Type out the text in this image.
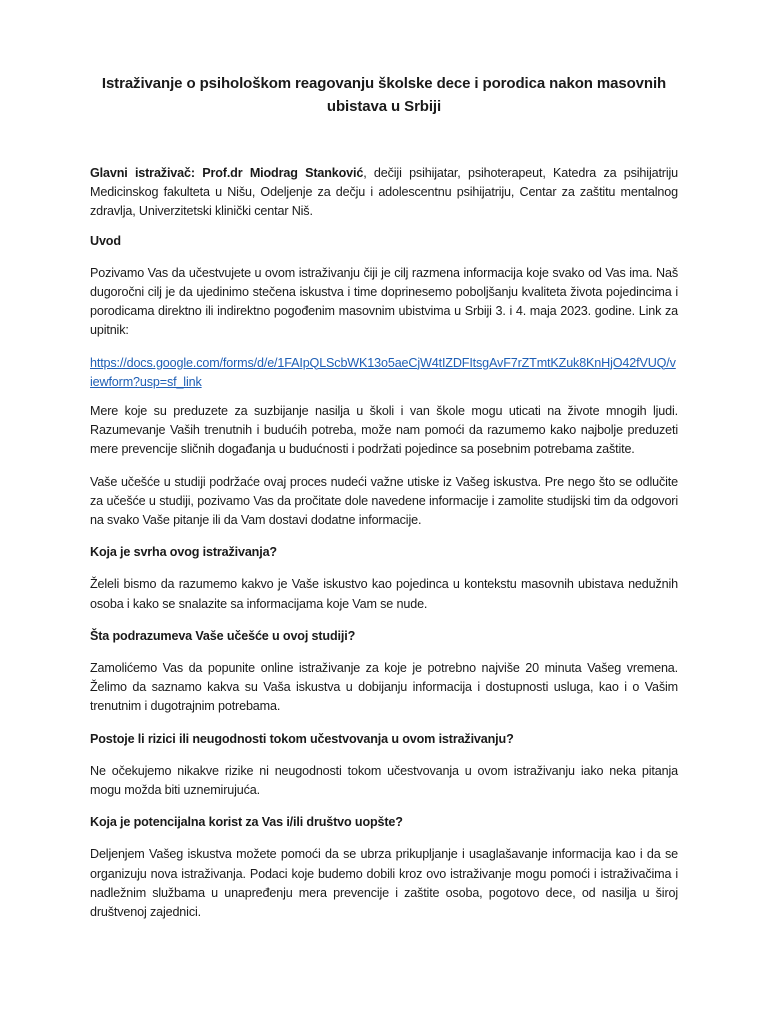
Istraživanje o psihološkom reagovanju školske dece i porodica nakon masovnih ubistava u Srbiji

Glavni istraživač: Prof.dr Miodrag Stanković, dečiji psihijatar, psihoterapeut, Katedra za psihijatriju Medicinskog fakulteta u Nišu, Odeljenje za dečju i adolescentnu psihijatriju, Centar za zaštitu mentalnog zdravlja, Univerzitetski klinički centar Niš.

Uvod

Pozivamo Vas da učestvujete u ovom istraživanju čiji je cilj razmena informacija koje svako od Vas ima. Naš dugoročni cilj je da ujedinimo stečena iskustva i time doprinesemo poboljšanju kvaliteta života pojedincima i porodicama direktno ili indirektno pogođenim masovnim ubistvima u Srbiji 3. i 4. maja 2023. godine. Link za upitnik:

https://docs.google.com/forms/d/e/1FAIpQLScbWK13o5aeCjW4tIZDFItsgAvF7rZTmtKZuk8KnHjO42fVUQ/viewform?usp=sf_link

Mere koje su preduzete za suzbijanje nasilja u školi i van škole mogu uticati na živote mnogih ljudi. Razumevanje Vaših trenutnih i budućih potreba, može nam pomoći da razumemo kako najbolje preduzeti mere prevencije sličnih događanja u budućnosti i podržati pojedince sa posebnim potrebama zaštite.

Vaše učešće u studiji podržaće ovaj proces nudeći važne utiske iz Vašeg iskustva. Pre nego što se odlučite za učešće u studiji, pozivamo Vas da pročitate dole navedene informacije i zamolite studijski tim da odgovori na svako Vaše pitanje ili da Vam dostavi dodatne informacije.

Koja je svrha ovog istraživanja?

Želeli bismo da razumemo kakvo je Vaše iskustvo kao pojedinca u kontekstu masovnih ubistava nedužnih osoba i kako se snalazite sa informacijama koje Vam se nude.

Šta podrazumeva Vaše učešće u ovoj studiji?

Zamolićemo Vas da popunite online istraživanje za koje je potrebno najviše 20 minuta Vašeg vremena. Želimo da saznamo kakva su Vaša iskustva u dobijanju informacija i dostupnosti usluga, kao i o Vašim trenutnim i dugotrajnim potrebama.

Postoje li rizici ili neugodnosti tokom učestvovanja u ovom istraživanju?

Ne očekujemo nikakve rizike ni neugodnosti tokom učestvovanja u ovom istraživanju iako neka pitanja mogu možda biti uznemirujuća.

Koja je potencijalna korist za Vas i/ili društvo uopšte?

Deljenjem Vašeg iskustva možete pomoći da se ubrza prikupljanje i usaglašavanje informacija kao i da se organizuju nova istraživanja. Podaci koje budemo dobili kroz ovo istraživanje mogu pomoći i istraživačima i nadležnim službama u unapređenju mera prevencije i zaštite osoba, pogotovo dece, od nasilja u široj društvenoj zajednici.
